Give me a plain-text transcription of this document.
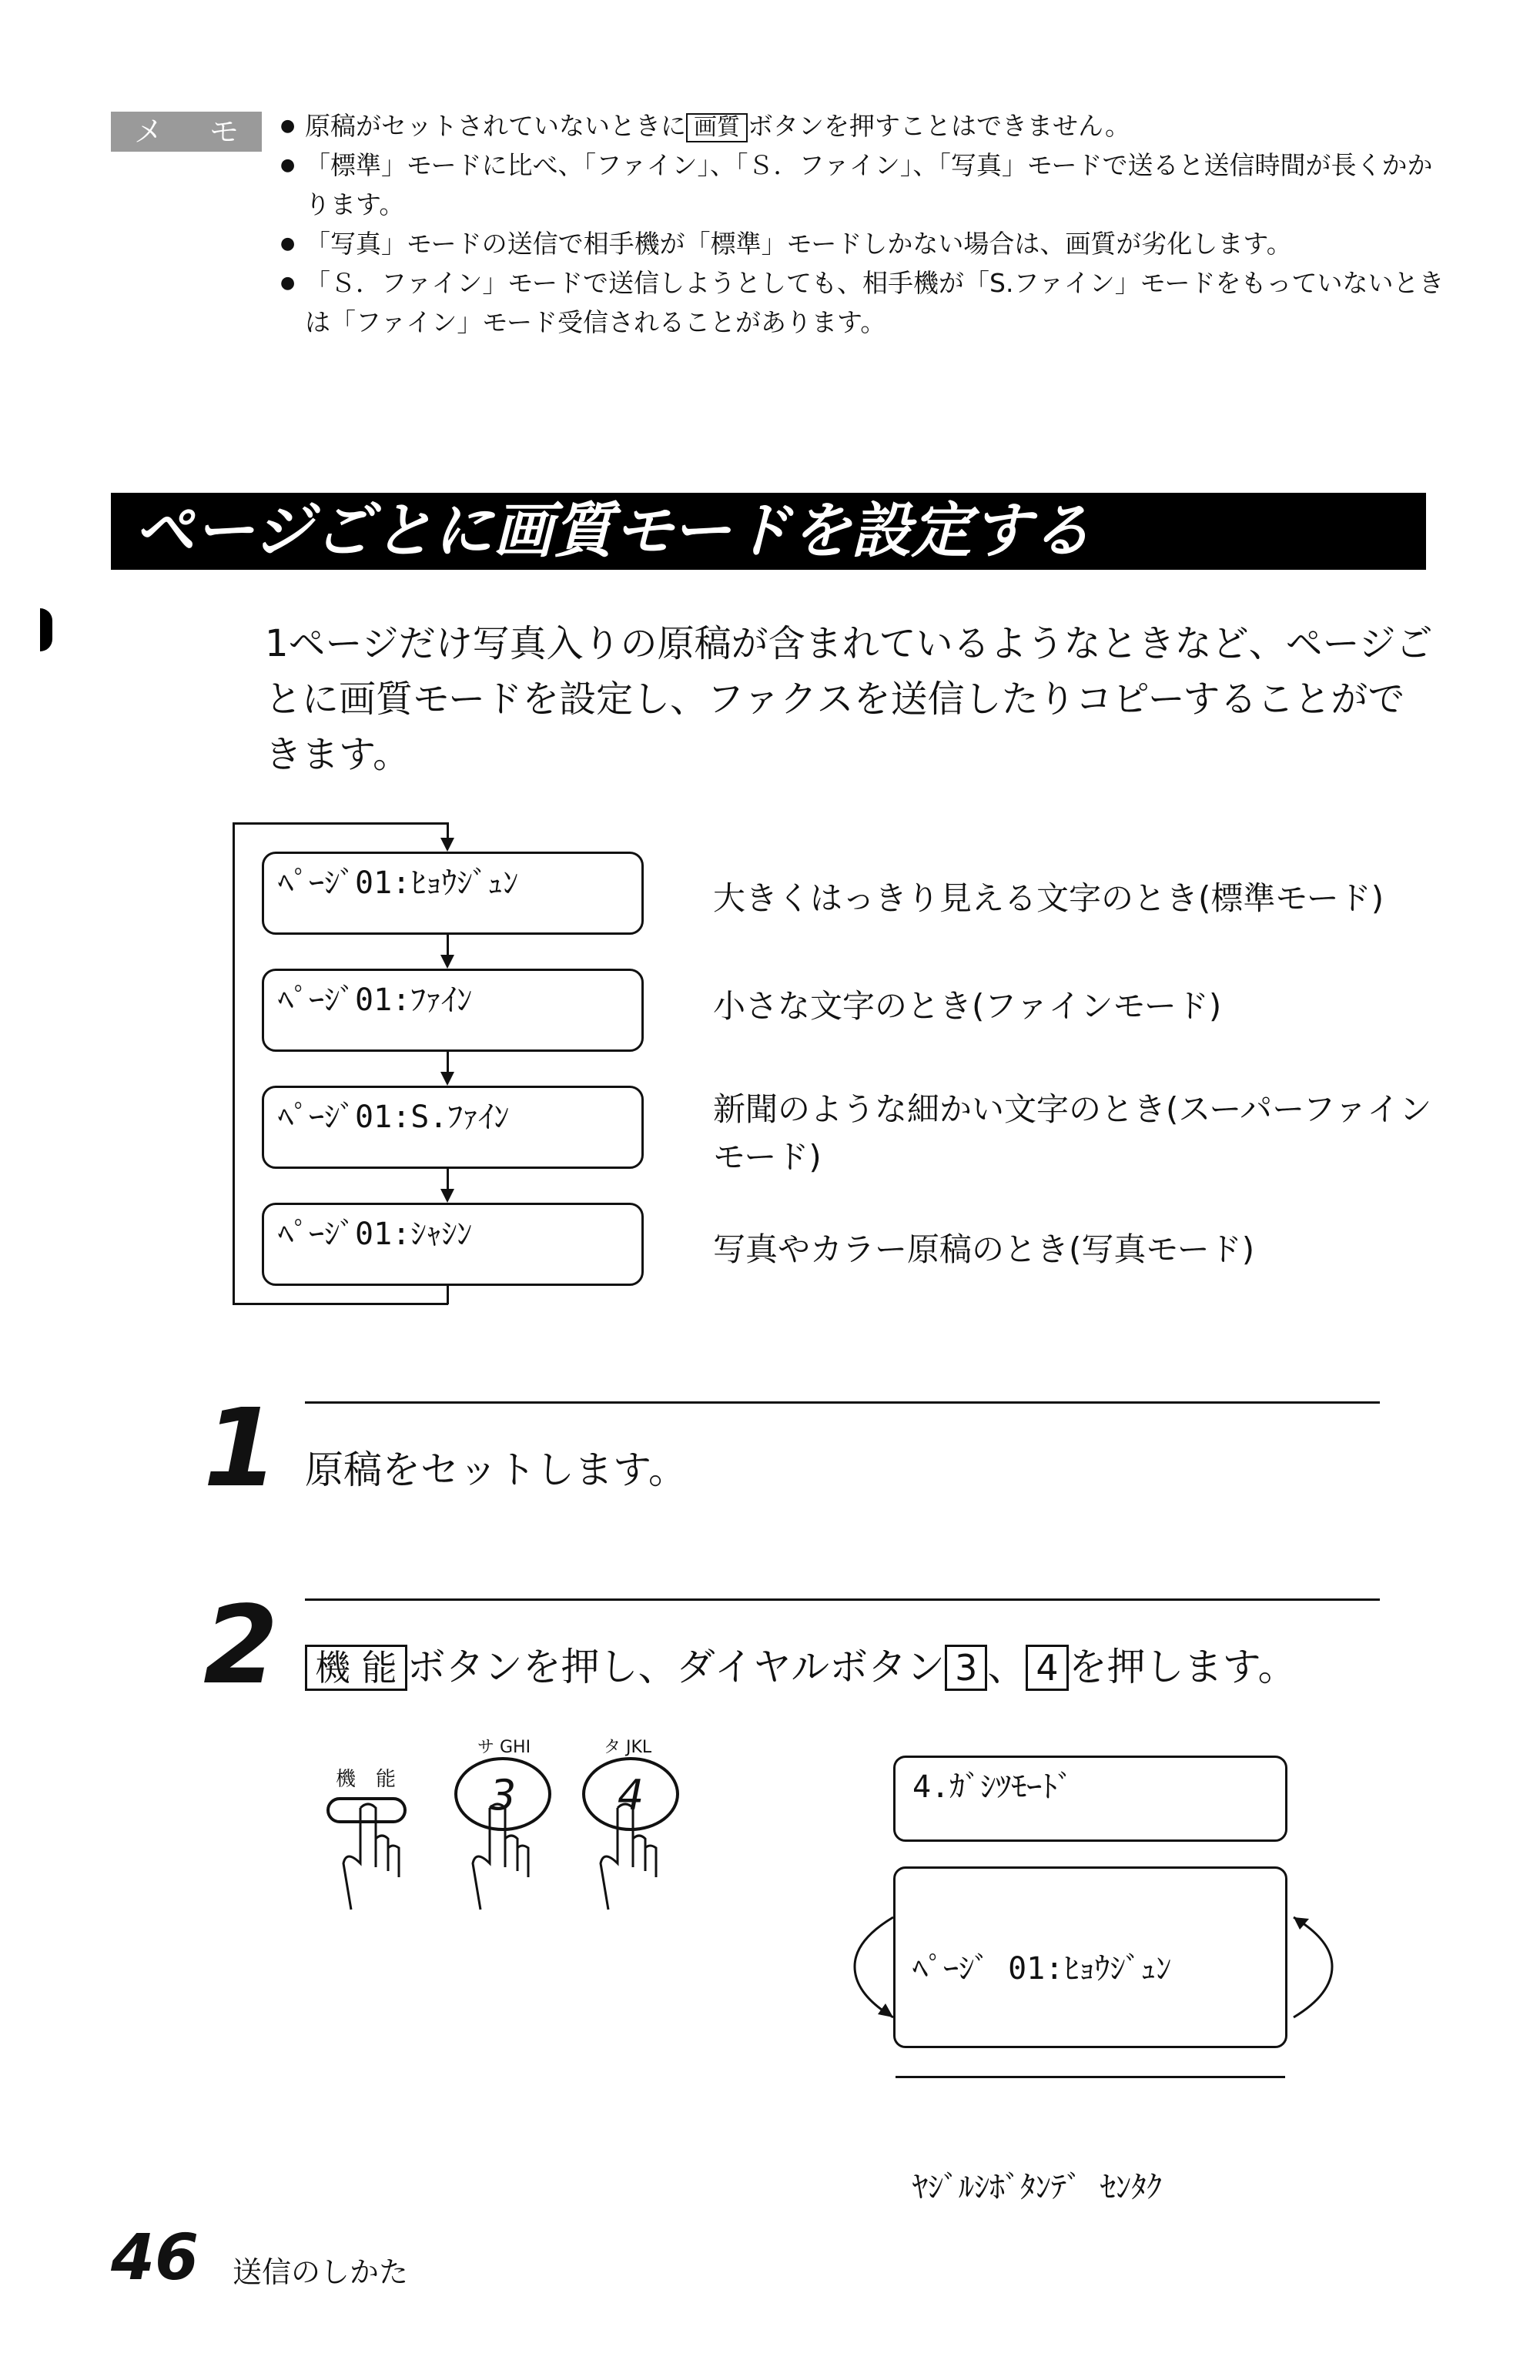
メ モ
●	原稿がセットされていないときに 画質 ボタンを押すことはできません。
● 「標準」モードに比べ、「ファイン」、「Ｓ．ファイン」、「写真」モードで送ると送信時間が長くかかります。
● 「写真」モードの送信で相手機が「標準」モードしかない場合は、画質が劣化します。
● 「Ｓ．ファイン」モードで送信しようとしても、相手機が「S.ファイン」モードをもっていないときは「ファイン」モード受信されることがあります。
ページごとに画質モードを設定する
1ページだけ写真入りの原稿が含まれているようなときなど、ページごとに画質モードを設定し、ファクスを送信したりコピーすることができます。
ﾍﾟｰｼﾞ01:ﾋｮｳｼﾞｭﾝ
ﾍﾟｰｼﾞ01:ﾌｧｲﾝ
ﾍﾟｰｼﾞ01:S.ﾌｧｲﾝ
ﾍﾟｰｼﾞ01:ｼｬｼﾝ
大きくはっきり見える文字のとき(標準モード)
小さな文字のとき(ファインモード)
新聞のような細かい文字のとき(スーパーファインモード)
写真やカラー原稿のとき(写真モード)
1 原稿をセットします。
2 機 能 ボタンを押し、ダイヤルボタン 3 、 4 を押します。
機　能
サ GHI
3
タ JKL
4	4.ｶﾞｼﾂﾓｰﾄﾞ

ﾍﾟｰｼﾞ 01:ﾋｮｳｼﾞｭﾝ

ﾔｼﾞﾙｼﾎﾞﾀﾝﾃﾞ ｾﾝﾀｸ

46 送信のしかた
